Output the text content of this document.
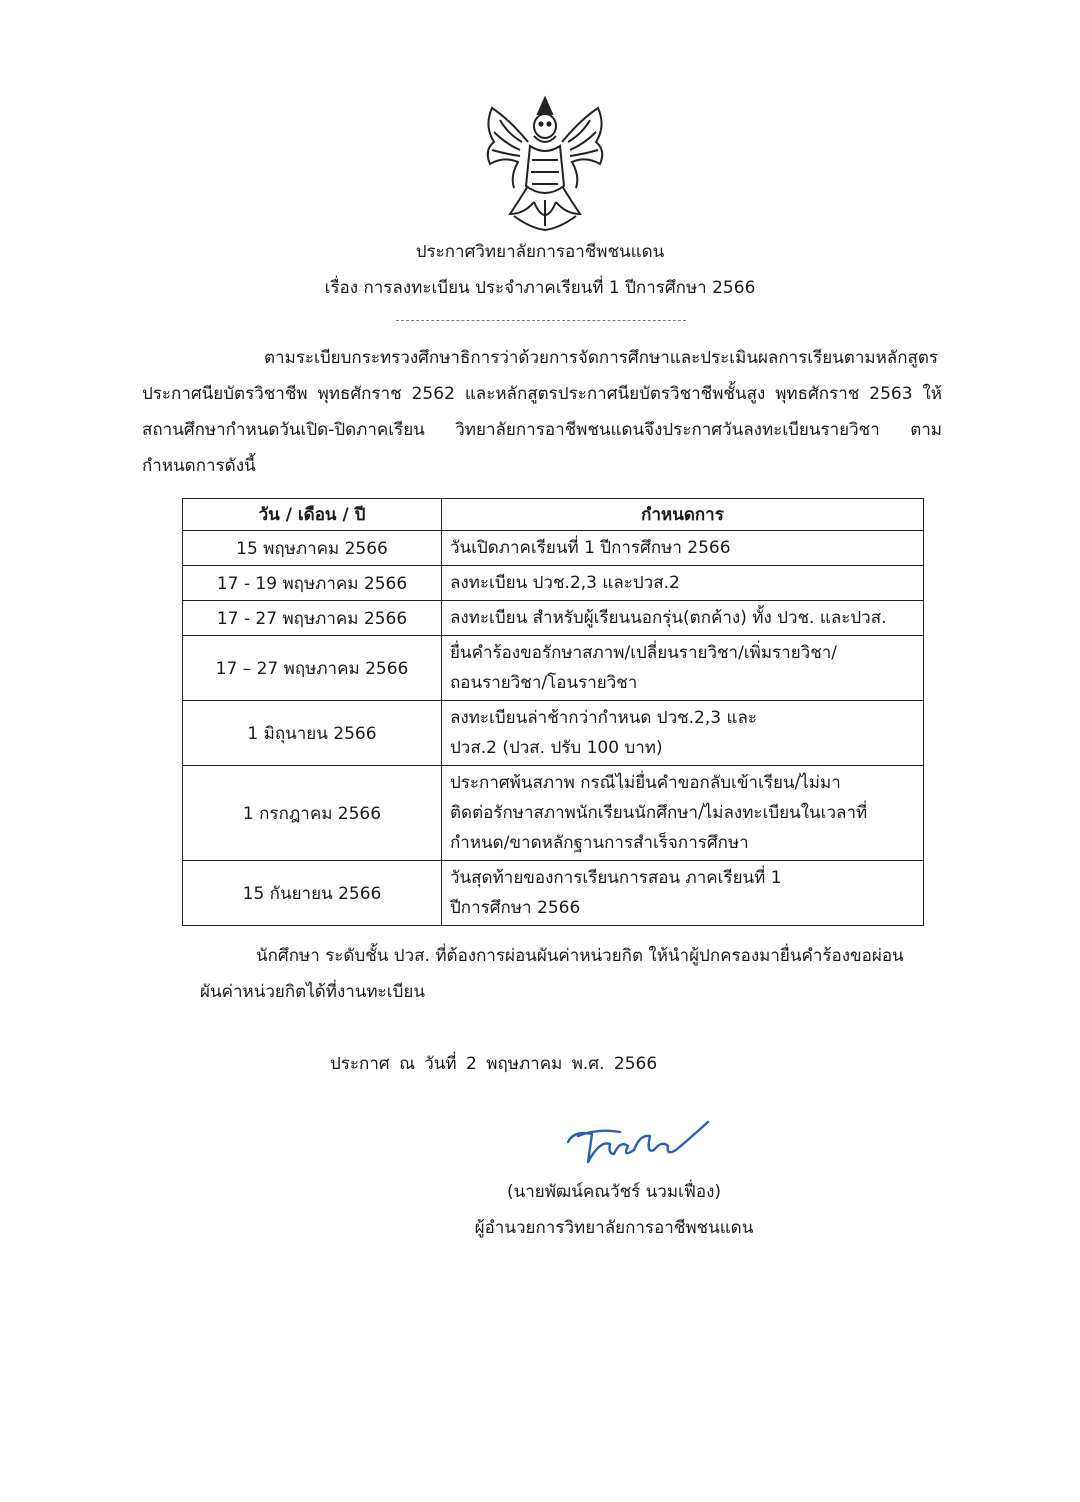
ประกาศวิทยาลัยการอาชีพชนแดน
เรื่อง การลงทะเบียน ประจำภาคเรียนที่ 1 ปีการศึกษา 2566
ตามระเบียบกระทรวงศึกษาธิการว่าด้วยการจัดการศึกษาและประเมินผลการเรียนตามหลักสูตรประกาศนียบัตรวิชาชีพ พุทธศักราช 2562 และหลักสูตรประกาศนียบัตรวิชาชีพชั้นสูง พุทธศักราช 2563 ให้สถานศึกษากำหนดวันเปิด-ปิดภาคเรียน วิทยาลัยการอาชีพชนแดนจึงประกาศวันลงทะเบียนรายวิชา ตามกำหนดการดังนี้
วัน / เดือน / ปี	กำหนดการ
15 พฤษภาคม 2566	วันเปิดภาคเรียนที่ 1 ปีการศึกษา 2566

17 - 19 พฤษภาคม 2566	ลงทะเบียน ปวช.2,3 และปวส.2

17 - 27 พฤษภาคม 2566	ลงทะเบียน สำหรับผู้เรียนนอกรุ่น(ตกค้าง) ทั้ง ปวช. และปวส.

17 – 27 พฤษภาคม 2566	ยื่นคำร้องขอรักษาสภาพ/เปลี่ยนรายวิชา/เพิ่มรายวิชา/
ถอนรายวิชา/โอนรายวิชา

1 มิถุนายน 2566	ลงทะเบียนล่าช้ากว่ากำหนด ปวช.2,3 และ
ปวส.2 (ปวส. ปรับ 100 บาท)

1 กรกฎาคม 2566	ประกาศพ้นสภาพ กรณีไม่ยื่นคำขอกลับเข้าเรียน/ไม่มา
ติดต่อรักษาสภาพนักเรียนนักศึกษา/ไม่ลงทะเบียนในเวลาที่
กำหนด/ขาดหลักฐานการสำเร็จการศึกษา

15 กันยายน 2566	วันสุดท้ายของการเรียนการสอน ภาคเรียนที่ 1
ปีการศึกษา 2566
นักศึกษา ระดับชั้น ปวส. ที่ต้องการผ่อนผันค่าหน่วยกิต ให้นำผู้ปกครองมายื่นคำร้องขอผ่อนผันค่าหน่วยกิตได้ที่งานทะเบียน
ประกาศ ณ วันที่ 2 พฤษภาคม พ.ศ. 2566
(นายพัฒน์คณวัชร์ นวมเฟื่อง)
ผู้อำนวยการวิทยาลัยการอาชีพชนแดน
